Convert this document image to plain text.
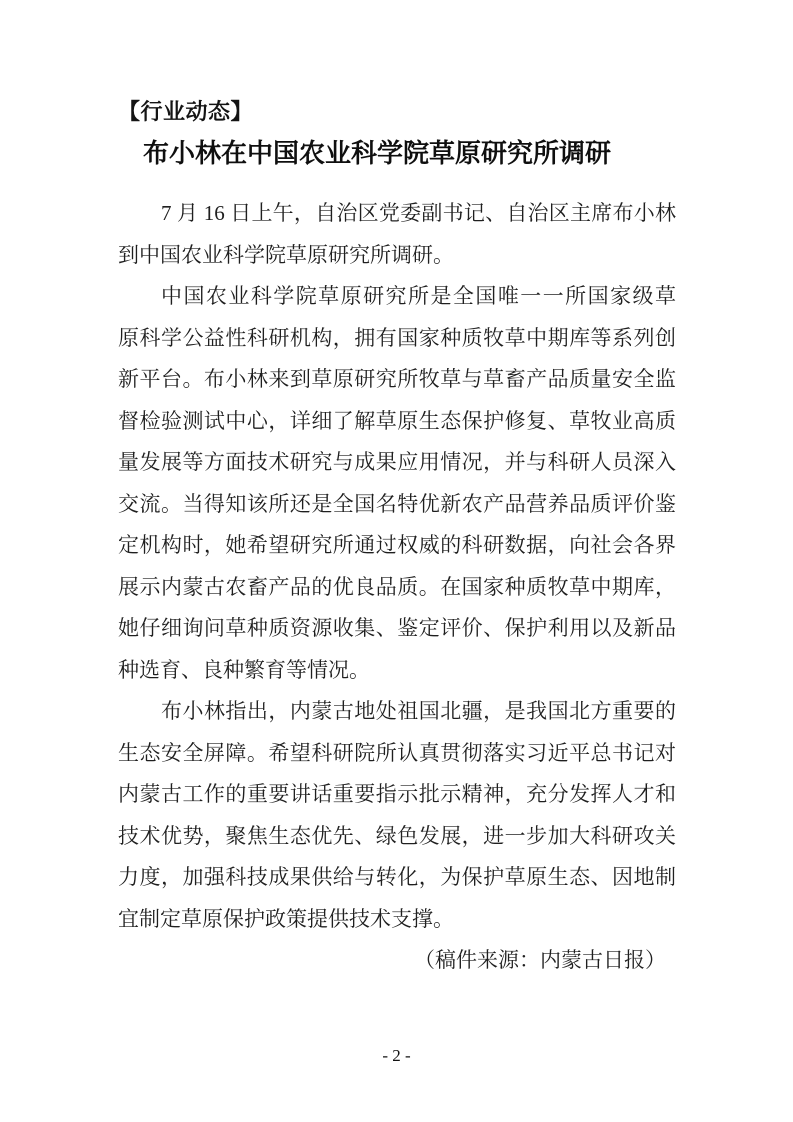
【行业动态】
布小林在中国农业科学院草原研究所调研
7 月 16 日上午，自治区党委副书记、自治区主席布小林
到中国农业科学院草原研究所调研。
中国农业科学院草原研究所是全国唯一一所国家级草
原科学公益性科研机构，拥有国家种质牧草中期库等系列创
新平台。布小林来到草原研究所牧草与草畜产品质量安全监
督检验测试中心，详细了解草原生态保护修复、草牧业高质
量发展等方面技术研究与成果应用情况，并与科研人员深入
交流。当得知该所还是全国名特优新农产品营养品质评价鉴
定机构时，她希望研究所通过权威的科研数据，向社会各界
展示内蒙古农畜产品的优良品质。在国家种质牧草中期库，
她仔细询问草种质资源收集、鉴定评价、保护利用以及新品
种选育、良种繁育等情况。
布小林指出，内蒙古地处祖国北疆，是我国北方重要的
生态安全屏障。希望科研院所认真贯彻落实习近平总书记对
内蒙古工作的重要讲话重要指示批示精神，充分发挥人才和
技术优势，聚焦生态优先、绿色发展，进一步加大科研攻关
力度，加强科技成果供给与转化，为保护草原生态、因地制
宜制定草原保护政策提供技术支撑。
（稿件来源：内蒙古日报）
- 2 -
